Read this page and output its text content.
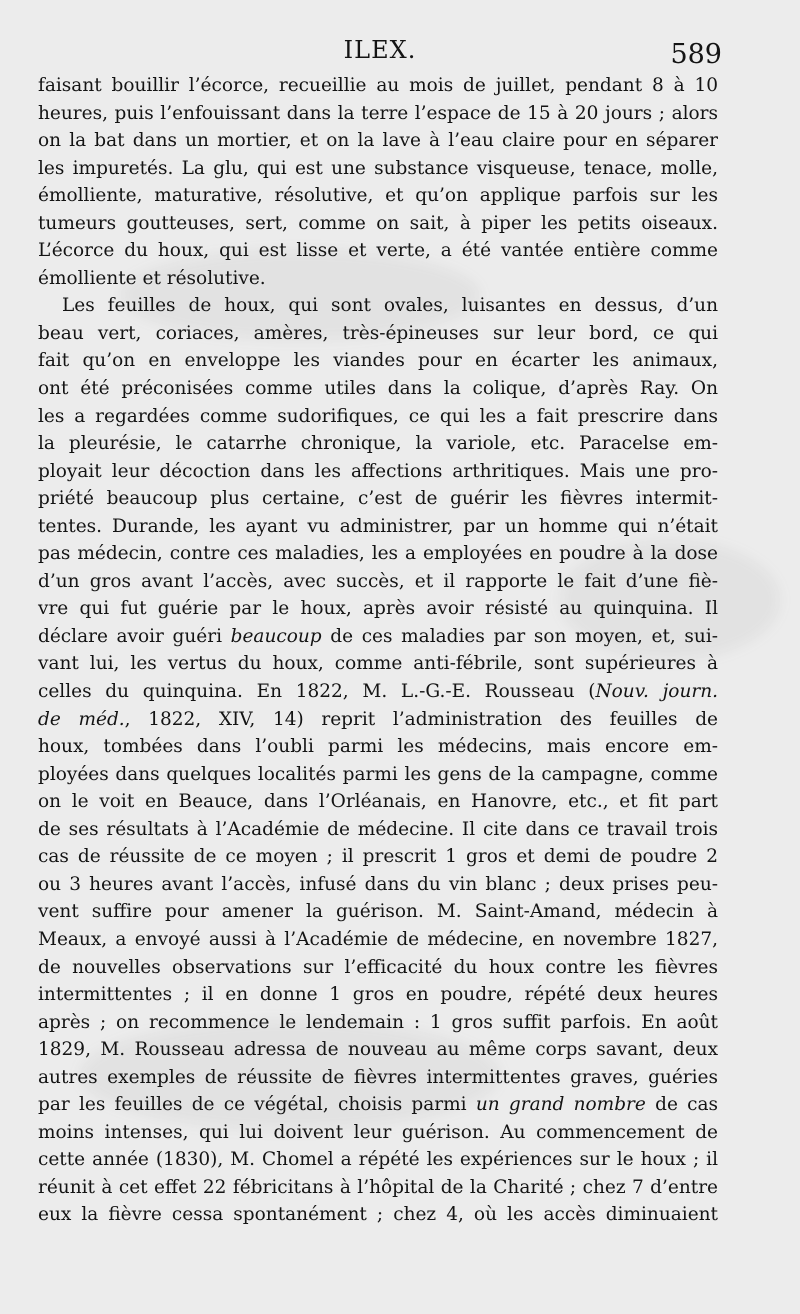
ILEX.	589
faisant bouillir l’écorce, recueillie au mois de juillet, pendant 8 à 10
heures, puis l’enfouissant dans la terre l’espace de 15 à 20 jours ; alors
on la bat dans un mortier, et on la lave à l’eau claire pour en séparer
les impuretés. La glu, qui est une substance visqueuse, tenace, molle,
émolliente, maturative, résolutive, et qu’on applique parfois sur les
tumeurs goutteuses, sert, comme on sait, à piper les petits oiseaux.
L’écorce du houx, qui est lisse et verte, a été vantée entière comme
émolliente et résolutive.
Les feuilles de houx, qui sont ovales, luisantes en dessus, d’un
beau vert, coriaces, amères, très-épineuses sur leur bord, ce qui
fait qu’on en enveloppe les viandes pour en écarter les animaux,
ont été préconisées comme utiles dans la colique, d’après Ray. On
les a regardées comme sudorifiques, ce qui les a fait prescrire dans
la pleurésie, le catarrhe chronique, la variole, etc. Paracelse em-
ployait leur décoction dans les affections arthritiques. Mais une pro-
priété beaucoup plus certaine, c’est de guérir les fièvres intermit-
tentes. Durande, les ayant vu administrer, par un homme qui n’était
pas médecin, contre ces maladies, les a employées en poudre à la dose
d’un gros avant l’accès, avec succès, et il rapporte le fait d’une fiè-
vre qui fut guérie par le houx, après avoir résisté au quinquina. Il
déclare avoir guéri beaucoup de ces maladies par son moyen, et, sui-
vant lui, les vertus du houx, comme anti-fébrile, sont supérieures à
celles du quinquina. En 1822, M. L.-G.-E. Rousseau (Nouv. journ.
de méd., 1822, XIV, 14) reprit l’administration des feuilles de
houx, tombées dans l’oubli parmi les médecins, mais encore em-
ployées dans quelques localités parmi les gens de la campagne, comme
on le voit en Beauce, dans l’Orléanais, en Hanovre, etc., et fit part
de ses résultats à l’Académie de médecine. Il cite dans ce travail trois
cas de réussite de ce moyen ; il prescrit 1 gros et demi de poudre 2
ou 3 heures avant l’accès, infusé dans du vin blanc ; deux prises peu-
vent suffire pour amener la guérison. M. Saint-Amand, médecin à
Meaux, a envoyé aussi à l’Académie de médecine, en novembre 1827,
de nouvelles observations sur l’efficacité du houx contre les fièvres
intermittentes ; il en donne 1 gros en poudre, répété deux heures
après ; on recommence le lendemain : 1 gros suffit parfois. En août
1829, M. Rousseau adressa de nouveau au même corps savant, deux
autres exemples de réussite de fièvres intermittentes graves, guéries
par les feuilles de ce végétal, choisis parmi un grand nombre de cas
moins intenses, qui lui doivent leur guérison. Au commencement de
cette année (1830), M. Chomel a répété les expériences sur le houx ; il
réunit à cet effet 22 fébricitans à l’hôpital de la Charité ; chez 7 d’entre
eux la fièvre cessa spontanément ; chez 4, où les accès diminuaient
